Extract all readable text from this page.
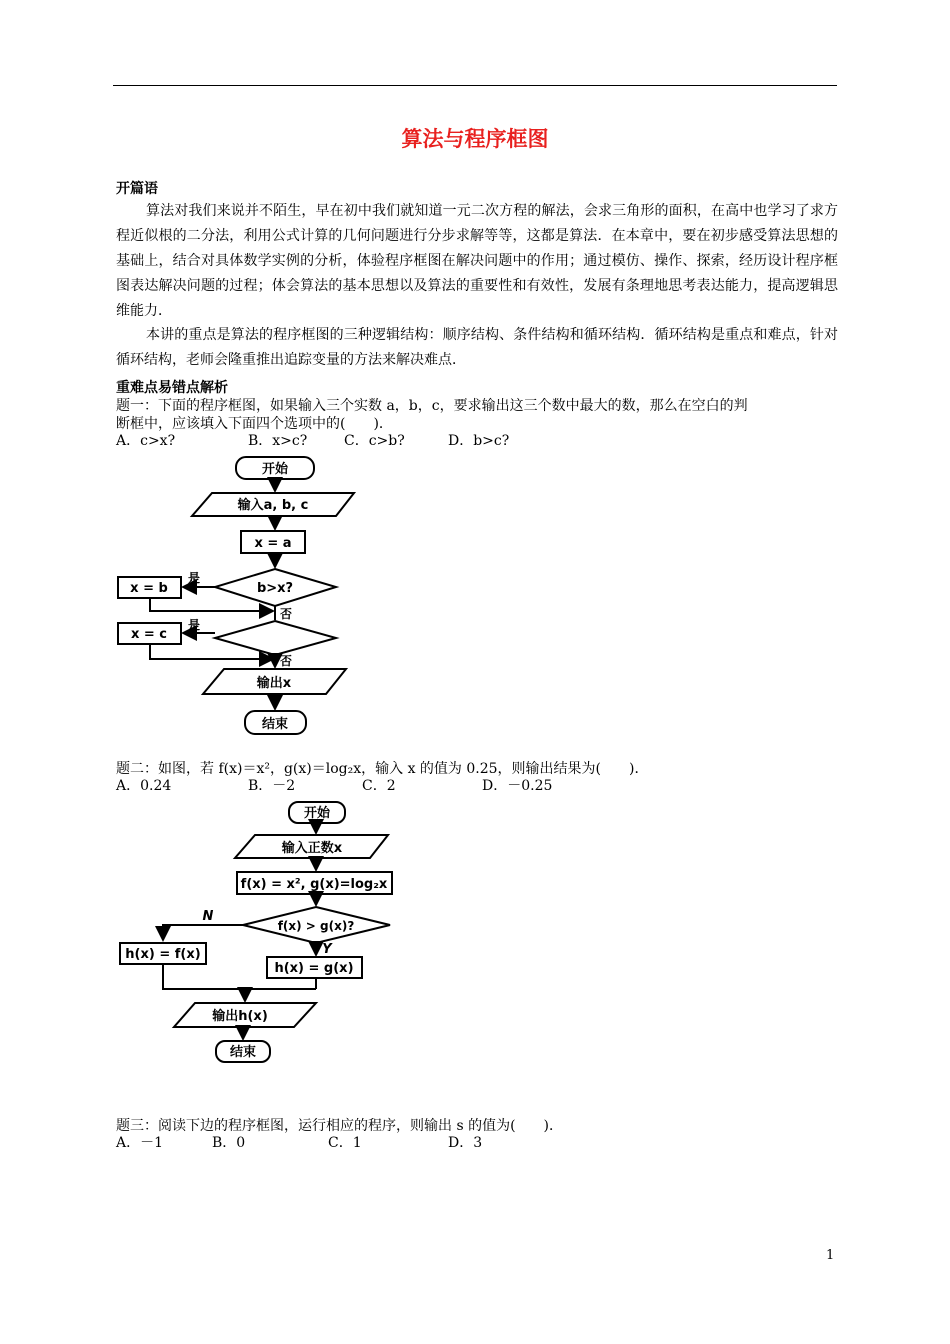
算法与程序框图
开篇语
算法对我们来说并不陌生，早在初中我们就知道一元二次方程的解法，会求三角形的面积，在高中也学习了求方程近似根的二分法，利用公式计算的几何问题进行分步求解等等，这都是算法．在本章中，要在初步感受算法思想的基础上，结合对具体数学实例的分析，体验程序框图在解决问题中的作用；通过模仿、操作、探索，经历设计程序框图表达解决问题的过程；体会算法的基本思想以及算法的重要性和有效性，发展有条理地思考表达能力，提高逻辑思维能力．
本讲的重点是算法的程序框图的三种逻辑结构：顺序结构、条件结构和循环结构．循环结构是重点和难点，针对循环结构，老师会隆重推出追踪变量的方法来解决难点．
重难点易错点解析
题一：下面的程序框图，如果输入三个实数 a，b，c，要求输出这三个数中最大的数，那么在空白的判
断框中，应该填入下面四个选项中的(　　)．
A．c>x?	B．x>c?	C．c>b?	D．b>c?
开始
输入a, b, c
x = a
b>x?
是
否
x = b
是
否
x = c
输出x
结束
开始
输入正数x
f(x) = x², g(x)=log₂x
f(x) > g(x)?
N
Y
h(x) = f(x)
h(x) = g(x)
输出h(x)
结束
题二：如图，若 f(x)＝x²，g(x)＝log₂x，输入 x 的值为 0.25，则输出结果为(　　)．
A．0.24	B．－2	C．2	D．－0.25
题三：阅读下边的程序框图，运行相应的程序，则输出 s 的值为(　　)．
A．－1	B．0	C．1	D．3
1
